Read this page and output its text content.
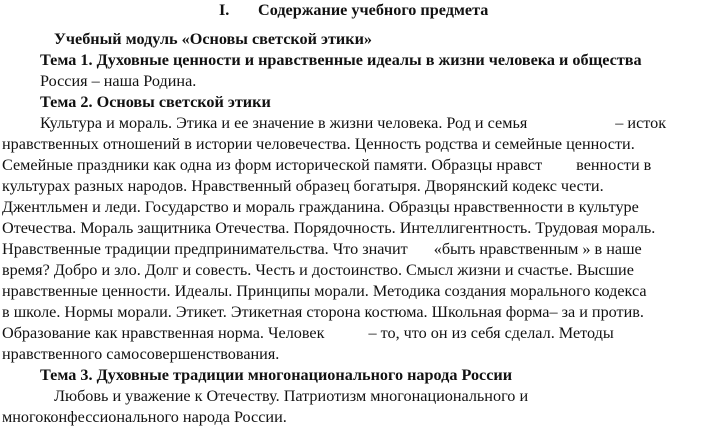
I. Содержание учебного предмета
Учебный модуль «Основы светской этики»
Тема 1. Духовные ценности и нравственные идеалы в жизни человека и общества
Россия – наша Родина.
Тема 2. Основы светской этики
Культура и мораль. Этика и ее значение в жизни человека. Род и семья	– исток
нравственных отношений в истории человечества. Ценность родства и семейные ценности.
Семейные праздники как одна из форм исторической памяти. Образцы нравст венности в
культурах разных народов. Нравственный образец богатыря. Дворянский кодекс чести.
Джентльмен и леди. Государство и мораль гражданина. Образцы нравственности в культуре
Отечества. Мораль защитника Отечества. Порядочность. Интеллигентность. Трудовая мораль.
Нравственные традиции предпринимательства. Что значит «быть нравственным » в наше
время? Добро и зло. Долг и совесть. Честь и достоинство. Смысл жизни и счастье. Высшие
нравственные ценности. Идеалы. Принципы морали. Методика создания морального кодекса
в школе. Нормы морали. Этикет. Этикетная сторона костюма. Школьная форма– за и против.
Образование как нравственная норма. Человек	– то, что он из себя сделал. Методы
нравственного самосовершенствования.
Тема 3. Духовные традиции многонационального народа России
Любовь и уважение к Отечеству. Патриотизм многонационального и
многоконфессионального народа России.
